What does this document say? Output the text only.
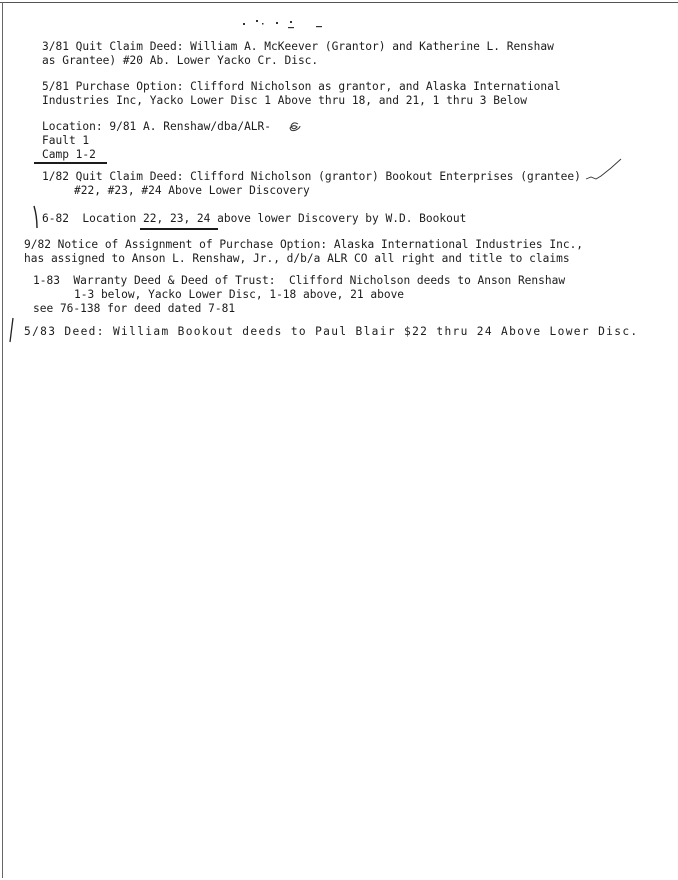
3/81 Quit Claim Deed: William A. McKeever (Grantor) and Katherine L. Renshaw
as Grantee) #20 Ab. Lower Yacko Cr. Disc.
5/81 Purchase Option: Clifford Nicholson as grantor, and Alaska International
Industries Inc, Yacko Lower Disc 1 Above thru 18, and 21, 1 thru 3 Below
Location: 9/81 A. Renshaw/dba/ALR-
Fault 1
Camp 1-2
1/82 Quit Claim Deed: Clifford Nicholson (grantor) Bookout Enterprises (grantee)
#22, #23, #24 Above Lower Discovery
6-82  Location 22, 23, 24 above lower Discovery by W.D. Bookout
9/82 Notice of Assignment of Purchase Option: Alaska International Industries Inc.,
has assigned to Anson L. Renshaw, Jr., d/b/a ALR CO all right and title to claims
1-83  Warranty Deed & Deed of Trust:  Clifford Nicholson deeds to Anson Renshaw
1-3 below, Yacko Lower Disc, 1-18 above, 21 above
see 76-138 for deed dated 7-81
5/83 Deed: William Bookout deeds to Paul Blair $22 thru 24 Above Lower Disc.
